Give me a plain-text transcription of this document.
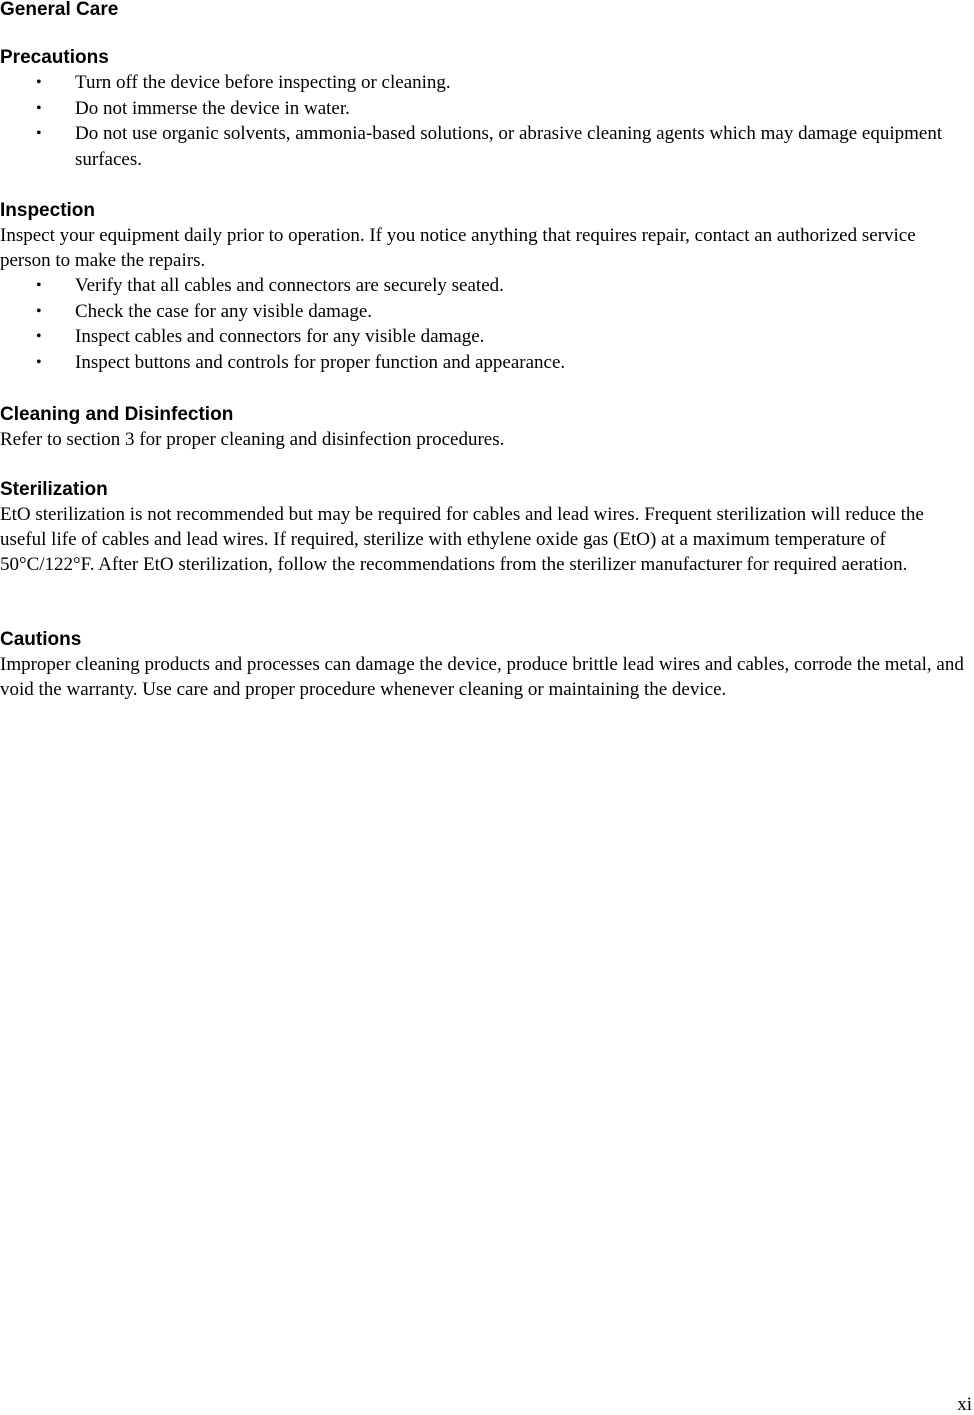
General Care
Precautions
• Turn off the device before inspecting or cleaning.
• Do not immerse the device in water.
• Do not use organic solvents, ammonia-based solutions, or abrasive cleaning agents which may damage equipment surfaces.
Inspection

Inspect your equipment daily prior to operation. If you notice anything that requires repair, contact an authorized service person to make the repairs.

• Verify that all cables and connectors are securely seated.
• Check the case for any visible damage.
• Inspect cables and connectors for any visible damage.
• Inspect buttons and controls for proper function and appearance.
Cleaning and Disinfection

Refer to section 3 for proper cleaning and disinfection procedures.

Sterilization

EtO sterilization is not recommended but may be required for cables and lead wires. Frequent sterilization will reduce the useful life of cables and lead wires. If required, sterilize with ethylene oxide gas (EtO) at a maximum temperature of 50°C/122°F. After EtO sterilization, follow the recommendations from the sterilizer manufacturer for required aeration.

Cautions

Improper cleaning products and processes can damage the device, produce brittle lead wires and cables, corrode the metal, and void the warranty. Use care and proper procedure whenever cleaning or maintaining the device.

xi
